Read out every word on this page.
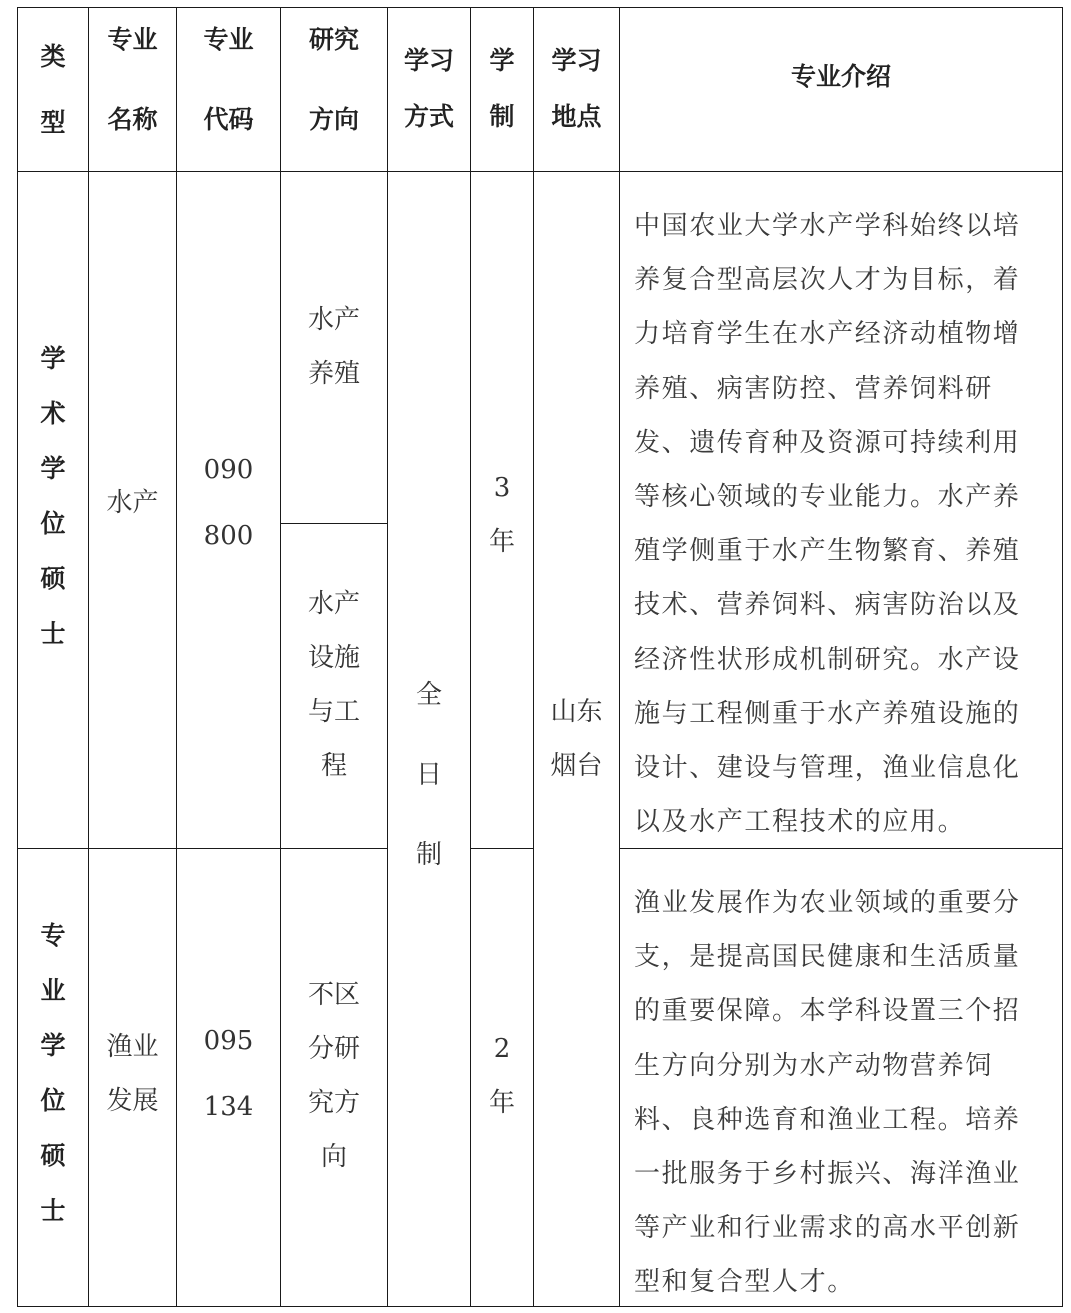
类
型
专业
名称
专业
代码
研究
方向
学习
方式
学
制
学习
地点
专业介绍
学
术
学
位
硕
士
水产
090
800
水产
养殖
水产
设施
与工
程
3
年
中国农业大学水产学科始终以培
养复合型高层次人才为目标，着
力培育学生在水产经济动植物增
养殖、病害防控、营养饲料研
发、遗传育种及资源可持续利用
等核心领域的专业能力。水产养
殖学侧重于水产生物繁育、养殖
技术、营养饲料、病害防治以及
经济性状形成机制研究。水产设
施与工程侧重于水产养殖设施的
设计、建设与管理，渔业信息化
以及水产工程技术的应用。
全
日
制
山东
烟台
专
业
学
位
硕
士
渔业
发展
095
134
不区
分研
究方
向
2
年
渔业发展作为农业领域的重要分
支，是提高国民健康和生活质量
的重要保障。本学科设置三个招
生方向分别为水产动物营养饲
料、良种选育和渔业工程。培养
一批服务于乡村振兴、海洋渔业
等产业和行业需求的高水平创新
型和复合型人才。
